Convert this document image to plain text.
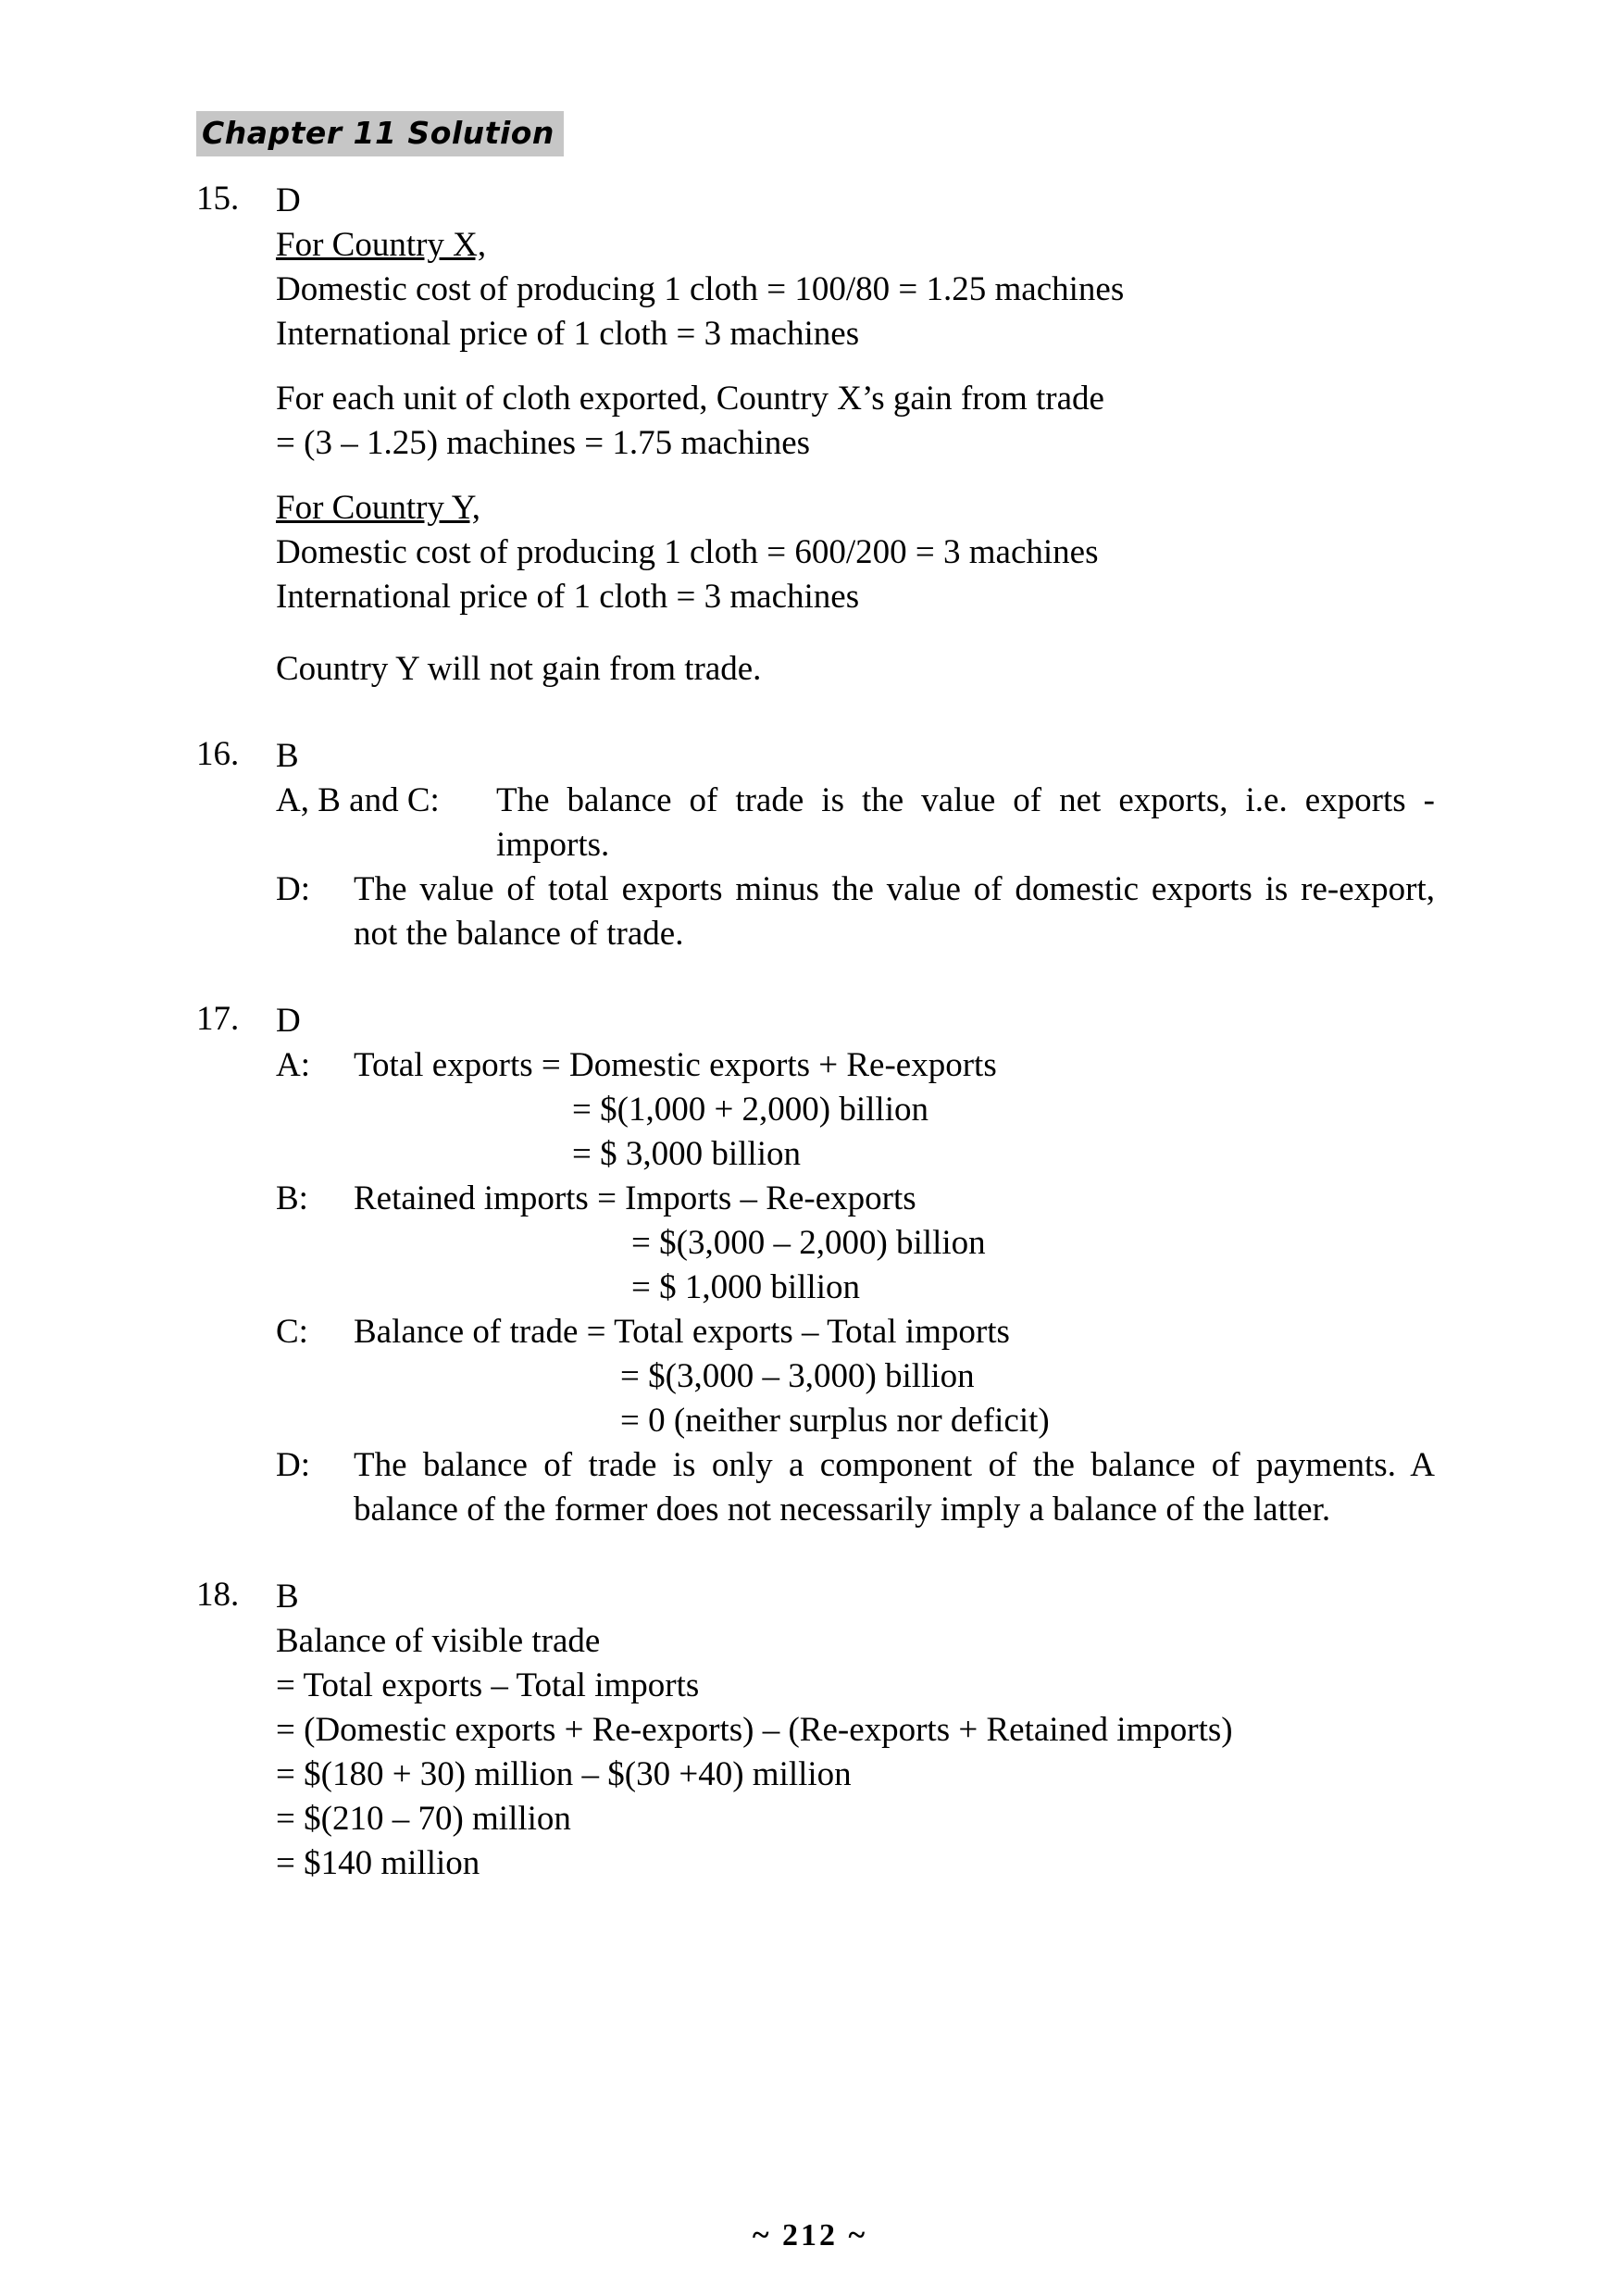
Chapter 11 Solution
15.	D
For Country X,
Domestic cost of producing 1 cloth = 100/80 = 1.25 machines
International price of 1 cloth = 3 machines
For each unit of cloth exported, Country X’s gain from trade
= (3 – 1.25) machines = 1.75 machines
For Country Y,
Domestic cost of producing 1 cloth = 600/200 = 3 machines
International price of 1 cloth = 3 machines
Country Y will not gain from trade.
16.	B
A, B and C:	The balance of trade is the value of net exports, i.e. exports - imports.
D:	The value of total exports minus the value of domestic exports is re-export, not the balance of trade.
17.	D
A:	Total exports = Domestic exports + Re-exports
= $(1,000 + 2,000) billion
= $ 3,000 billion
B:	Retained imports = Imports – Re-exports
= $(3,000 – 2,000) billion
= $ 1,000 billion
C:	Balance of trade = Total exports – Total imports
= $(3,000 – 3,000) billion
= 0 (neither surplus nor deficit)
D:	The balance of trade is only a component of the balance of payments. A balance of the former does not necessarily imply a balance of the latter.
18.	B
Balance of visible trade
= Total exports – Total imports
= (Domestic exports + Re-exports) – (Re-exports + Retained imports)
= $(180 + 30) million – $(30 +40) million
= $(210 – 70) million
= $140 million
~ 212 ~
